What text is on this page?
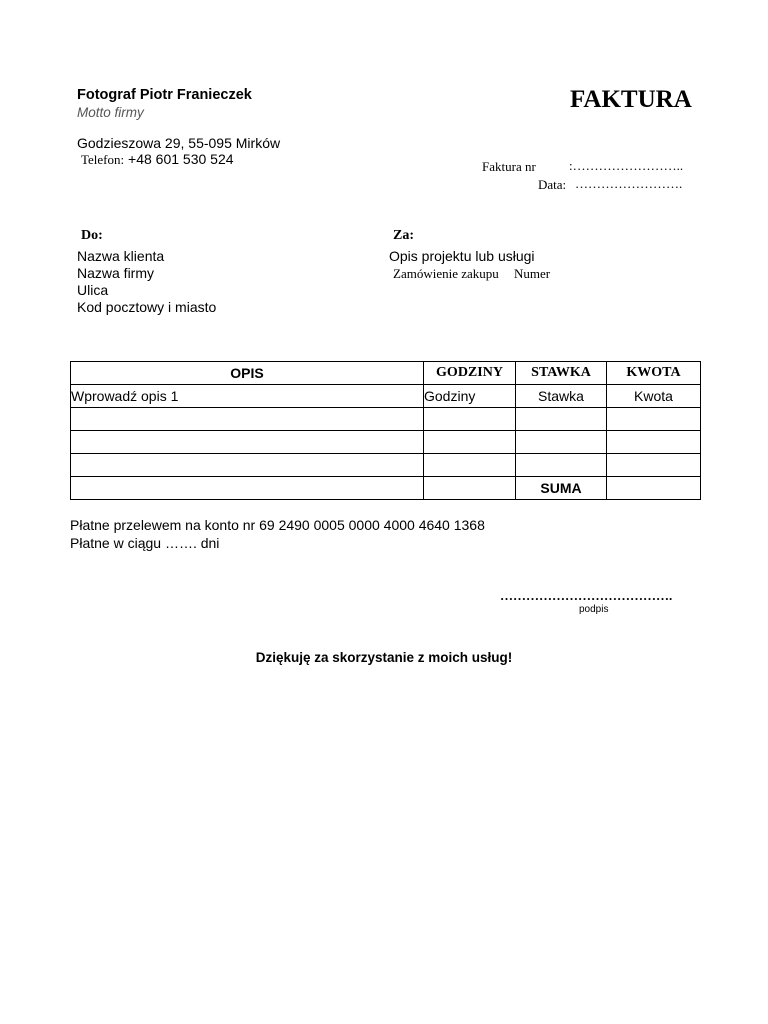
Fotograf Piotr Franieczek
Motto firmy
Godzieszowa 29, 55-095 Mirków
Telefon: +48 601 530 524
FAKTURA
Faktura nr	:……………………..
Data: …………………….
Do:
Nazwa klienta
Nazwa firmy
Ulica
Kod pocztowy i miasto
Za:
Opis projektu lub usługi
Zamówienie zakupu Numer
OPIS	GODZINY	STAWKA	KWOTA
Wprowadź opis 1	Godziny	Stawka	Kwota

		SUMA	
Płatne przelewem na konto nr 69 2490 0005 0000 4000 4640 1368
Płatne w ciągu ……. dni
………………………………….
podpis
Dziękuję za skorzystanie z moich usług!
